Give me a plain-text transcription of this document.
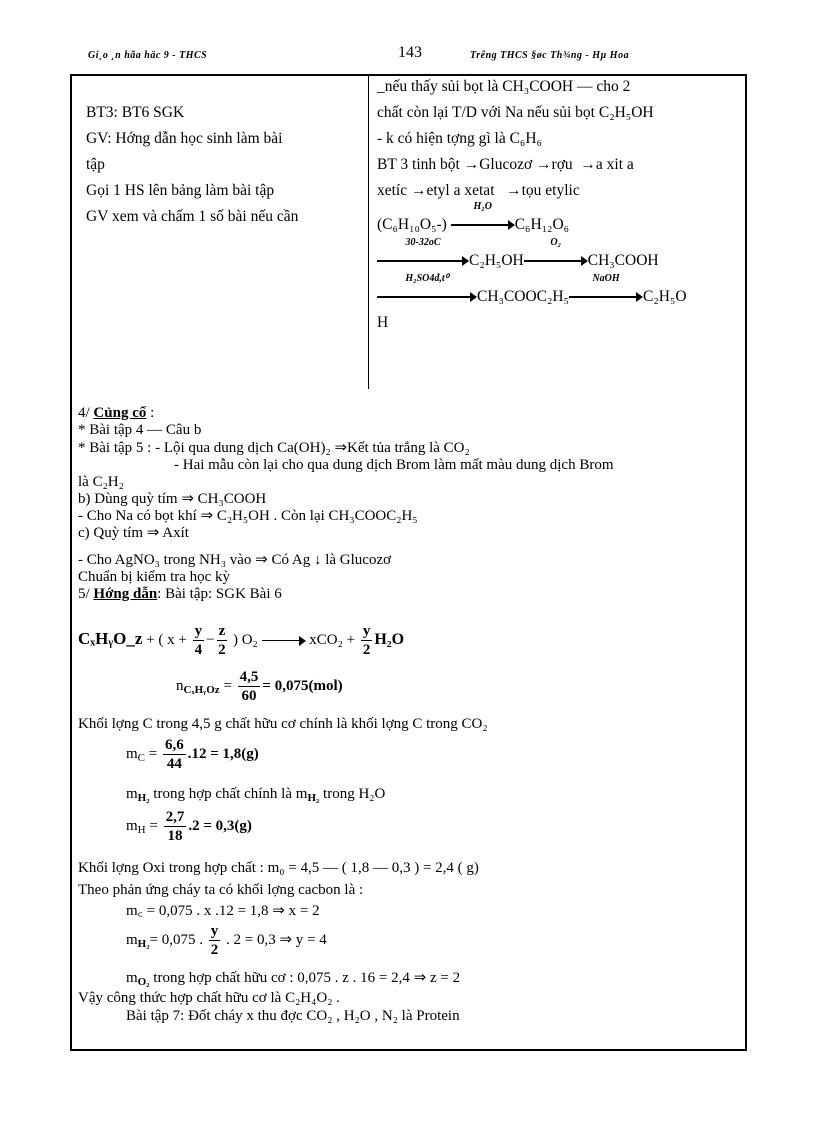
Gi¸o ¸n hãa häc 9 - THCS	143	Trêng THCS §øc Th¾ng - Hµ Hoa
BT3: BT6 SGK
GV: Hớng dẫn học sinh làm bài
tập
Gọi 1 HS lên bảng làm bài tập
GV xem và chấm 1 số bài nếu cần
_nếu thấy sủi bọt là CH₃COOH — cho 2
chất còn lại T/D với Na nếu sủi bọt C₂H₅OH
- k có hiện tợng gì là C₆H₆
BT 3 tinh bột →Glucozơ →rợu →a xit a
xetíc →etyl a xetat →tọu etylic
(C₆H₁₀O₅-)
H₂O
C₆H₁₂O₆
30-32oC
C₂H₅OH
O₂
CH₃COOH
H₂SO4đ,t⁰
CH₃COOC₂H₅
NaOH
C₂H₅O
H
4/ Củng cố :
* Bài tập 4 — Câu b
* Bài tập 5 : - Lội qua dung dịch Ca(OH)₂ ⇒Kết tủa trắng là CO₂
- Hai mẫu còn lại cho qua dung dịch Brom làm mất màu dung dịch Brom
là C₂H₂
b) Dùng quỳ tím ⇒ CH₃COOH
- Cho Na có bọt khí ⇒ C₂H₅OH . Còn lại CH₃COOC₂H₅
c) Quỳ tím ⇒ Axít
- Cho AgNO₃ trong NH₃ vào ⇒ Có Ag ↓ là Glucozơ
Chuẩn bị kiểm tra học kỳ
5/ Hớng dẫn: Bài tập: SGK Bài 6
CₓHᵧO_z + ( $x + \frac{y}{4} - \frac{z}{2}$ ) O₂	$xCO_2 + \frac{y}{2} H_2O$
$n_{C_xHᵧOz} = \frac{4,5}{60} = 0,075(mol)$
Khối lợng C trong 4,5 g chất hữu cơ chính là khối lợng C trong CO₂
$m_C = \frac{6,6}{44} .12 = 1,8(g)$
$m_{H_2}$ trong hợp chất chính là $m_{H_2}$ trong H₂O
$m_H = \frac{2,7}{18} .2 = 0,3(g)$
Khối lợng Oxi trong hợp chất : m₀ = 4,5 — ( 1,8 — 0,3 ) = 2,4 ( g)
Theo phản ứng cháy ta có khối lợng cacbon là :
m꜀ = 0,075 . x .12 = 1,8 ⇒ x = 2
$m_{H_2}= 0,075$ . $\frac{y}{2}$ . 2 = 0,3 ⇒ y = 4
$m_{O_2}$ trong hợp chất hữu cơ : 0,075 . z . 16 = 2,4 ⇒ z = 2
Vậy công thức hợp chất hữu cơ là C₂H₄O₂ .
Bài tập 7: Đốt cháy x thu đợc CO₂ , H₂O , N₂ là Protein
